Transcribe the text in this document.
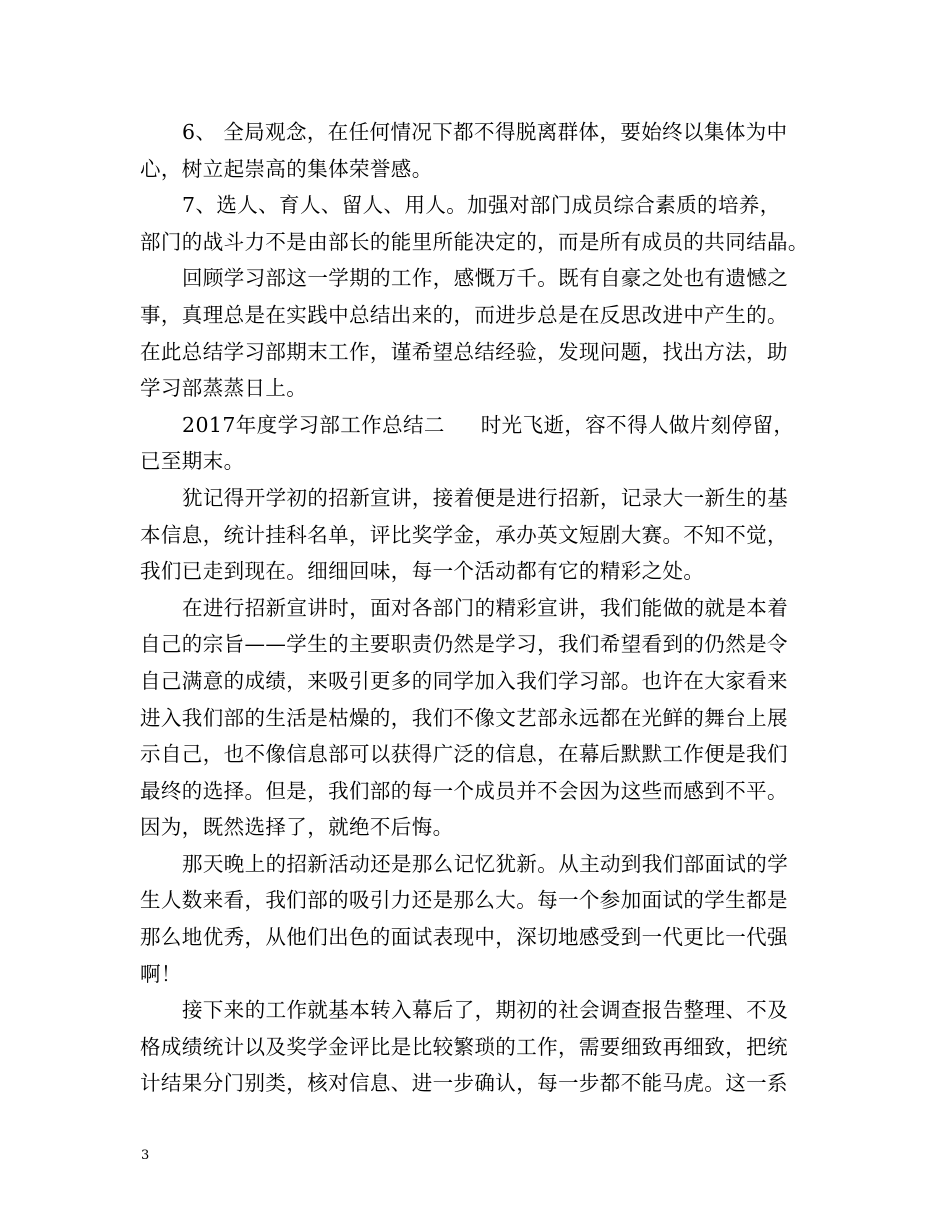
6、 全局观念，在任何情况下都不得脱离群体，要始终以集体为中
心，树立起崇高的集体荣誉感。
7、选人、育人、留人、用人。加强对部门成员综合素质的培养，
部门的战斗力不是由部长的能里所能决定的，而是所有成员的共同结晶。
回顾学习部这一学期的工作，感慨万千。既有自豪之处也有遗憾之
事，真理总是在实践中总结出来的，而进步总是在反思改进中产生的。
在此总结学习部期末工作，谨希望总结经验，发现问题，找出方法，助
学习部蒸蒸日上。
2017年度学习部工作总结二 时光飞逝，容不得人做片刻停留，
已至期末。
犹记得开学初的招新宣讲，接着便是进行招新，记录大一新生的基
本信息，统计挂科名单，评比奖学金，承办英文短剧大赛。不知不觉，
我们已走到现在。细细回味，每一个活动都有它的精彩之处。
在进行招新宣讲时，面对各部门的精彩宣讲，我们能做的就是本着
自己的宗旨——学生的主要职责仍然是学习，我们希望看到的仍然是令
自己满意的成绩，来吸引更多的同学加入我们学习部。也许在大家看来
进入我们部的生活是枯燥的，我们不像文艺部永远都在光鲜的舞台上展
示自己，也不像信息部可以获得广泛的信息，在幕后默默工作便是我们
最终的选择。但是，我们部的每一个成员并不会因为这些而感到不平。
因为，既然选择了，就绝不后悔。
那天晚上的招新活动还是那么记忆犹新。从主动到我们部面试的学
生人数来看，我们部的吸引力还是那么大。每一个参加面试的学生都是
那么地优秀，从他们出色的面试表现中，深切地感受到一代更比一代强
啊！
接下来的工作就基本转入幕后了，期初的社会调查报告整理、不及
格成绩统计以及奖学金评比是比较繁琐的工作，需要细致再细致，把统
计结果分门别类，核对信息、进一步确认，每一步都不能马虎。这一系
3
